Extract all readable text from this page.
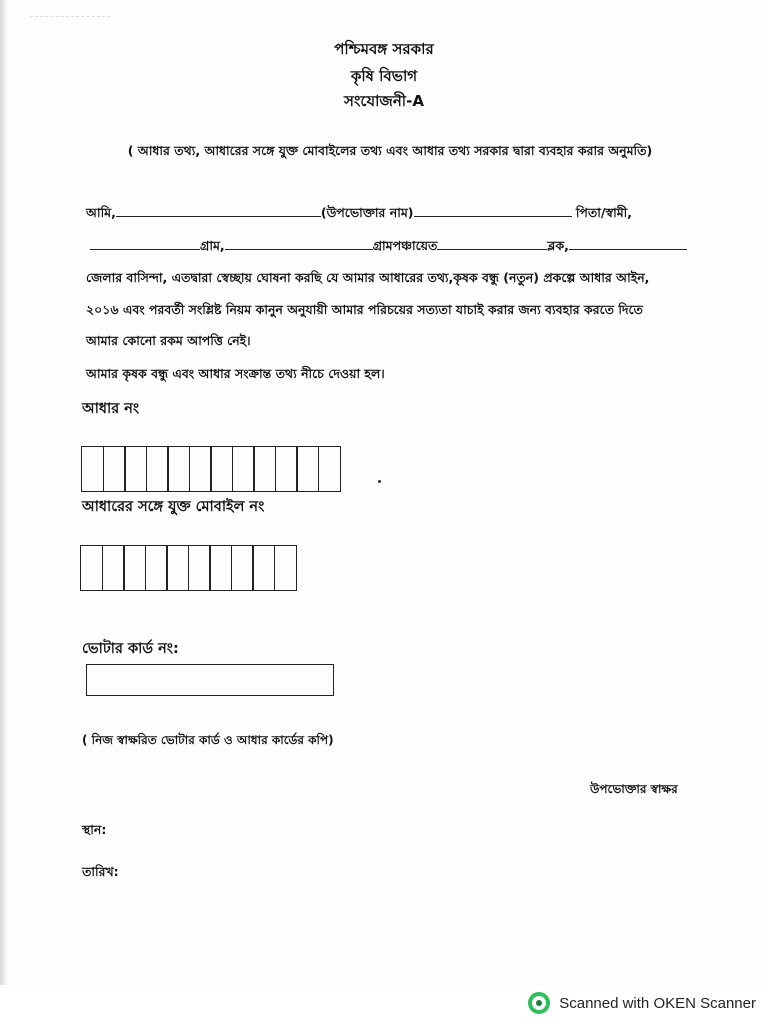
পশ্চিমবঙ্গ সরকার
কৃষি বিভাগ
সংযোজনী-A
( আধার তথ্য, আধারের সঙ্গে যুক্ত মোবাইলের তথ্য এবং আধার তথ্য সরকার দ্বারা ব্যবহার করার অনুমতি)
আমি,	(উপভোক্তার নাম)	পিতা/স্বামী,
গ্রাম,	গ্রামপঞ্চায়েত	ব্লক,
জেলার বাসিন্দা, এতদ্বারা স্বেচ্ছায় ঘোষনা করছি যে আমার আধারের তথ্য,কৃষক বন্ধু (নতুন) প্রকল্পে আধার আইন,
২০১৬ এবং পরবর্তী সংশ্লিষ্ট নিয়ম কানুন অনুযায়ী আমার পরিচয়ের সত্যতা যাচাই করার জন্য ব্যবহার করতে দিতে
আমার কোনো রকম আপত্তি নেই।
আমার কৃষক বন্ধু এবং আধার সংক্রান্ত তথ্য নীচে দেওয়া হল।
আধার নং
আধারের সঙ্গে যুক্ত মোবাইল নং
ভোটার কার্ড নং:
( নিজ স্বাক্ষরিত ভোটার কার্ড ও আধার কার্ডের কপি)
উপভোক্তার স্বাক্ষর
স্থান:
তারিখ:
Scanned with OKEN Scanner
